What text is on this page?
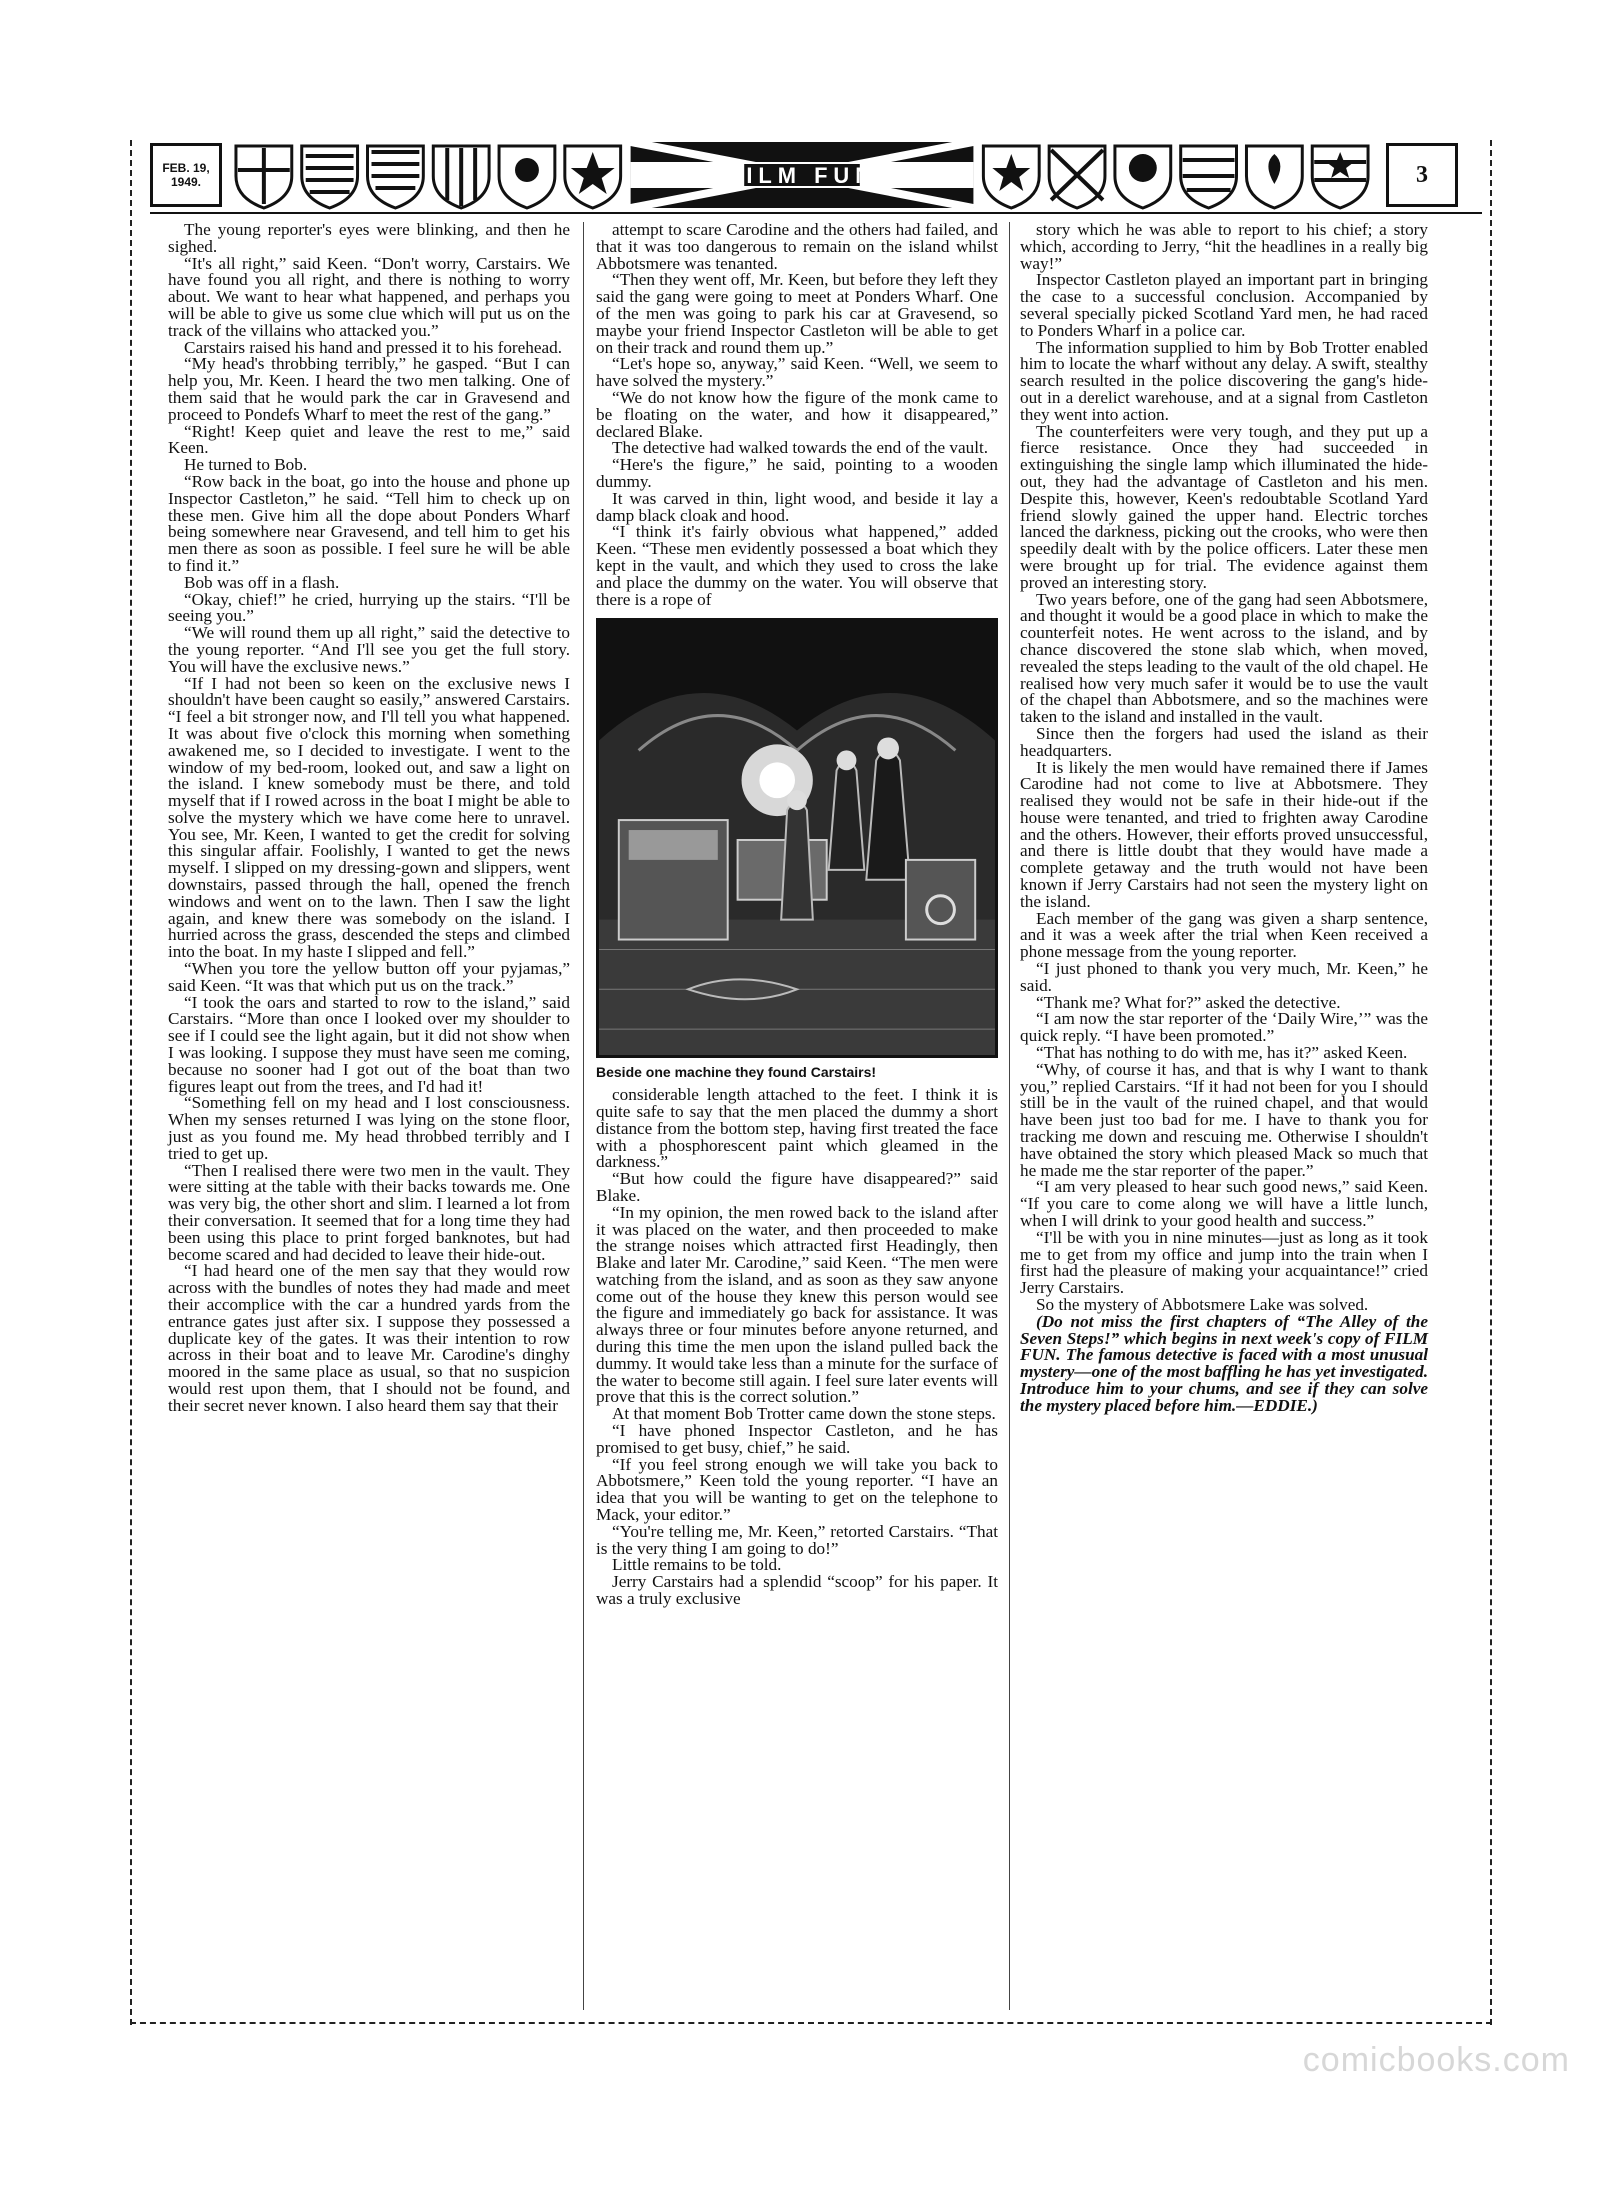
FEB. 19,
1949.	FILM FUN	3

The young reporter's eyes were blinking, and then he sighed.

“It's all right,” said Keen. “Don't worry, Carstairs. We have found you all right, and there is nothing to worry about. We want to hear what happened, and perhaps you will be able to give us some clue which will put us on the track of the villains who attacked you.”

Carstairs raised his hand and pressed it to his forehead.

“My head's throbbing terribly,” he gasped. “But I can help you, Mr. Keen. I heard the two men talking. One of them said that he would park the car in Gravesend and proceed to Pondefs Wharf to meet the rest of the gang.”

“Right! Keep quiet and leave the rest to me,” said Keen.

He turned to Bob.

“Row back in the boat, go into the house and phone up Inspector Castleton,” he said. “Tell him to check up on these men. Give him all the dope about Ponders Wharf being somewhere near Gravesend, and tell him to get his men there as soon as possible. I feel sure he will be able to find it.”

Bob was off in a flash.

“Okay, chief!” he cried, hurrying up the stairs. “I'll be seeing you.”

“We will round them up all right,” said the detective to the young reporter. “And I'll see you get the full story. You will have the exclusive news.”

“If I had not been so keen on the exclusive news I shouldn't have been caught so easily,” answered Carstairs. “I feel a bit stronger now, and I'll tell you what happened. It was about five o'clock this morning when something awakened me, so I decided to investigate. I went to the window of my bed-room, looked out, and saw a light on the island. I knew somebody must be there, and told myself that if I rowed across in the boat I might be able to solve the mystery which we have come here to unravel. You see, Mr. Keen, I wanted to get the credit for solving this singular affair. Foolishly, I wanted to get the news myself. I slipped on my dressing-gown and slippers, went downstairs, passed through the hall, opened the french windows and went on to the lawn. Then I saw the light again, and knew there was somebody on the island. I hurried across the grass, descended the steps and climbed into the boat. In my haste I slipped and fell.”

“When you tore the yellow button off your pyjamas,” said Keen. “It was that which put us on the track.”

“I took the oars and started to row to the island,” said Carstairs. “More than once I looked over my shoulder to see if I could see the light again, but it did not show when I was looking. I suppose they must have seen me coming, because no sooner had I got out of the boat than two figures leapt out from the trees, and I'd had it!

“Something fell on my head and I lost consciousness. When my senses returned I was lying on the stone floor, just as you found me. My head throbbed terribly and I tried to get up.

“Then I realised there were two men in the vault. They were sitting at the table with their backs towards me. One was very big, the other short and slim. I learned a lot from their conversation. It seemed that for a long time they had been using this place to print forged banknotes, but had become scared and had decided to leave their hide-out.

“I had heard one of the men say that they would row across with the bundles of notes they had made and meet their accomplice with the car a hundred yards from the entrance gates just after six. I suppose they possessed a duplicate key of the gates. It was their intention to row across in their boat and to leave Mr. Carodine's dinghy moored in the same place as usual, so that no suspicion would rest upon them, that I should not be found, and their secret never known. I also heard them say that their

attempt to scare Carodine and the others had failed, and that it was too dangerous to remain on the island whilst Abbotsmere was tenanted.

“Then they went off, Mr. Keen, but before they left they said the gang were going to meet at Ponders Wharf. One of the men was going to park his car at Gravesend, so maybe your friend Inspector Castleton will be able to get on their track and round them up.”

“Let's hope so, anyway,” said Keen. “Well, we seem to have solved the mystery.”

“We do not know how the figure of the monk came to be floating on the water, and how it disappeared,” declared Blake.

The detective had walked towards the end of the vault.

“Here's the figure,” he said, pointing to a wooden dummy.

It was carved in thin, light wood, and beside it lay a damp black cloak and hood.

“I think it's fairly obvious what happened,” added Keen. “These men evidently possessed a boat which they kept in the vault, and which they used to cross the lake and place the dummy on the water. You will observe that there is a rope of

Beside one machine they found Carstairs!

considerable length attached to the feet. I think it is quite safe to say that the men placed the dummy a short distance from the bottom step, having first treated the face with a phosphorescent paint which gleamed in the darkness.”

“But how could the figure have disappeared?” said Blake.

“In my opinion, the men rowed back to the island after it was placed on the water, and then proceeded to make the strange noises which attracted first Headingly, then Blake and later Mr. Carodine,” said Keen. “The men were watching from the island, and as soon as they saw anyone come out of the house they knew this person would see the figure and immediately go back for assistance. It was always three or four minutes before anyone returned, and during this time the men upon the island pulled back the dummy. It would take less than a minute for the surface of the water to become still again. I feel sure later events will prove that this is the correct solution.”

At that moment Bob Trotter came down the stone steps.

“I have phoned Inspector Castleton, and he has promised to get busy, chief,” he said.

“If you feel strong enough we will take you back to Abbotsmere,” Keen told the young reporter. “I have an idea that you will be wanting to get on the telephone to Mack, your editor.”

“You're telling me, Mr. Keen,” retorted Carstairs. “That is the very thing I am going to do!”

Little remains to be told.

Jerry Carstairs had a splendid “scoop” for his paper. It was a truly exclusive

story which he was able to report to his chief; a story which, according to Jerry, “hit the headlines in a really big way!”

Inspector Castleton played an important part in bringing the case to a successful conclusion. Accompanied by several specially picked Scotland Yard men, he had raced to Ponders Wharf in a police car.

The information supplied to him by Bob Trotter enabled him to locate the wharf without any delay. A swift, stealthy search resulted in the police discovering the gang's hide-out in a derelict warehouse, and at a signal from Castleton they went into action.

The counterfeiters were very tough, and they put up a fierce resistance. Once they had succeeded in extinguishing the single lamp which illuminated the hide-out, they had the advantage of Castleton and his men. Despite this, however, Keen's redoubtable Scotland Yard friend slowly gained the upper hand. Electric torches lanced the darkness, picking out the crooks, who were then speedily dealt with by the police officers. Later these men were brought up for trial. The evidence against them proved an interesting story.

Two years before, one of the gang had seen Abbotsmere, and thought it would be a good place in which to make the counterfeit notes. He went across to the island, and by chance discovered the stone slab which, when moved, revealed the steps leading to the vault of the old chapel. He realised how very much safer it would be to use the vault of the chapel than Abbotsmere, and so the machines were taken to the island and installed in the vault.

Since then the forgers had used the island as their headquarters.

It is likely the men would have remained there if James Carodine had not come to live at Abbotsmere. They realised they would not be safe in their hide-out if the house were tenanted, and tried to frighten away Carodine and the others. However, their efforts proved unsuccessful, and there is little doubt that they would have made a complete getaway and the truth would not have been known if Jerry Carstairs had not seen the mystery light on the island.

Each member of the gang was given a sharp sentence, and it was a week after the trial when Keen received a phone message from the young reporter.

“I just phoned to thank you very much, Mr. Keen,” he said.

“Thank me? What for?” asked the detective.

“I am now the star reporter of the ‘Daily Wire,’” was the quick reply. “I have been promoted.”

“That has nothing to do with me, has it?” asked Keen.

“Why, of course it has, and that is why I want to thank you,” replied Carstairs. “If it had not been for you I should still be in the vault of the ruined chapel, and that would have been just too bad for me. I have to thank you for tracking me down and rescuing me. Otherwise I shouldn't have obtained the story which pleased Mack so much that he made me the star reporter of the paper.”

“I am very pleased to hear such good news,” said Keen. “If you care to come along we will have a little lunch, when I will drink to your good health and success.”

“I'll be with you in nine minutes—just as long as it took me to get from my office and jump into the train when I first had the pleasure of making your acquaintance!” cried Jerry Carstairs.

So the mystery of Abbotsmere Lake was solved.

(Do not miss the first chapters of “The Alley of the Seven Steps!” which begins in next week's copy of FILM FUN. The famous detective is faced with a most unusual mystery—one of the most baffling he has yet investigated. Introduce him to your chums, and see if they can solve the mystery placed before him.—EDDIE.)

comicbooks.com
